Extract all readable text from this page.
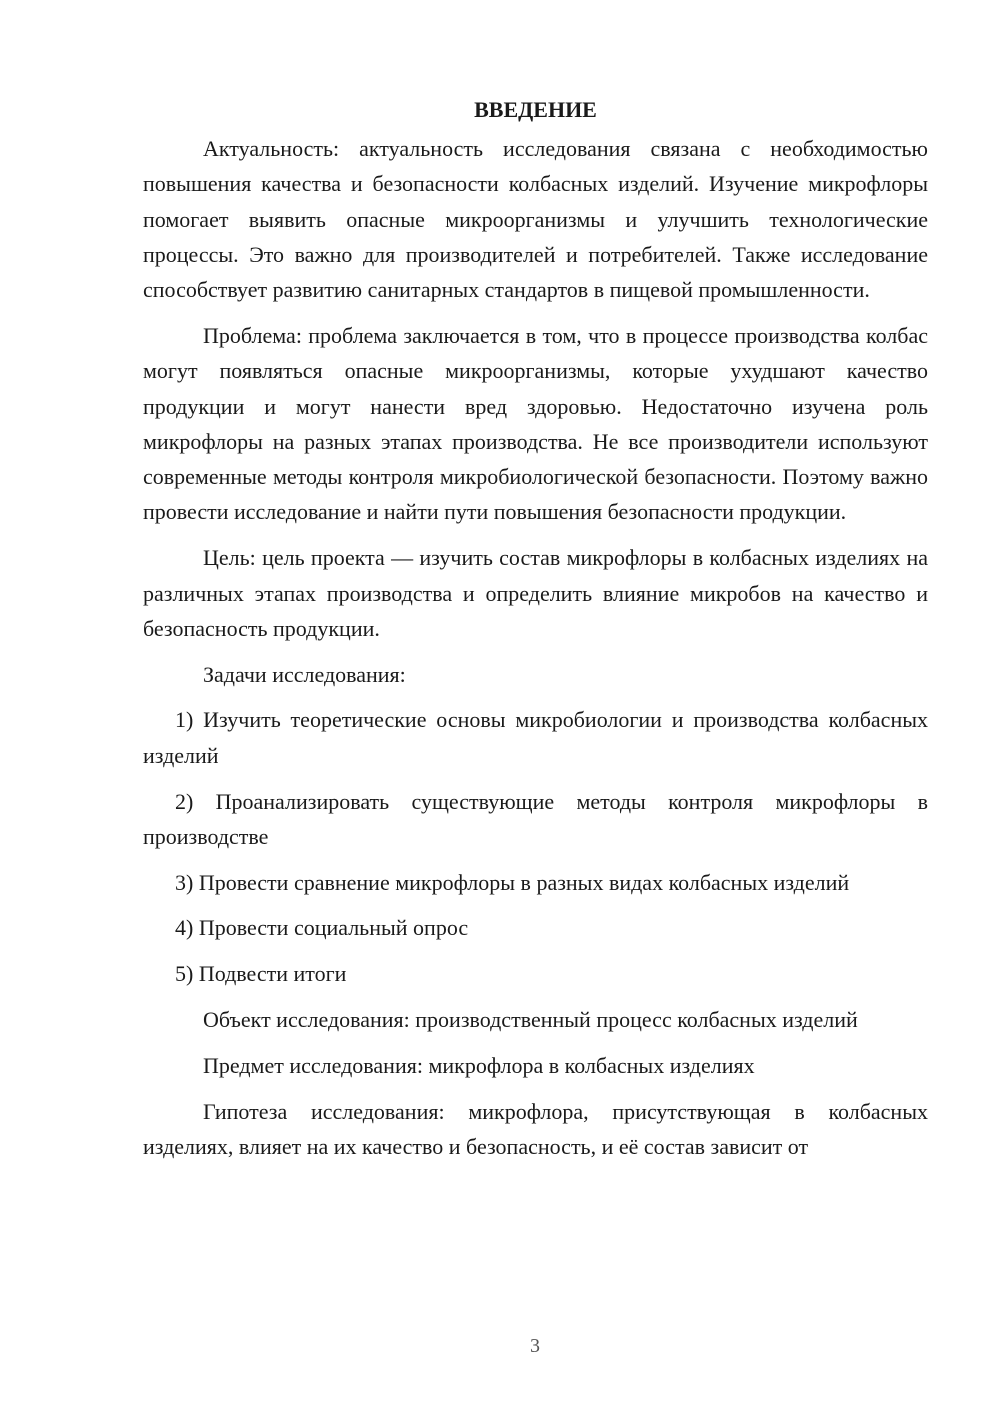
ВВЕДЕНИЕ

Актуальность: актуальность исследования связана с необходимостью повышения качества и безопасности колбасных изделий. Изучение микрофлоры помогает выявить опасные микроорганизмы и улучшить технологические процессы. Это важно для производителей и потребителей. Также исследование способствует развитию санитарных стандартов в пищевой промышленности.

Проблема: проблема заключается в том, что в процессе производства колбас могут появляться опасные микроорганизмы, которые ухудшают качество продукции и могут нанести вред здоровью. Недостаточно изучена роль микрофлоры на разных этапах производства. Не все производители используют современные методы контроля микробиологической безопасности. Поэтому важно провести исследование и найти пути повышения безопасности продукции.

Цель: цель проекта — изучить состав микрофлоры в колбасных изделиях на различных этапах производства и определить влияние микробов на качество и безопасность продукции.

Задачи исследования:

1) Изучить теоретические основы микробиологии и производства колбасных изделий

2) Проанализировать существующие методы контроля микрофлоры в производстве

3) Провести сравнение микрофлоры в разных видах колбасных изделий

4) Провести социальный опрос

5) Подвести итоги

Объект исследования: производственный процесс колбасных изделий

Предмет исследования: микрофлора в колбасных изделиях

Гипотеза исследования: микрофлора, присутствующая в колбасных изделиях, влияет на их качество и безопасность, и её состав зависит от

3
